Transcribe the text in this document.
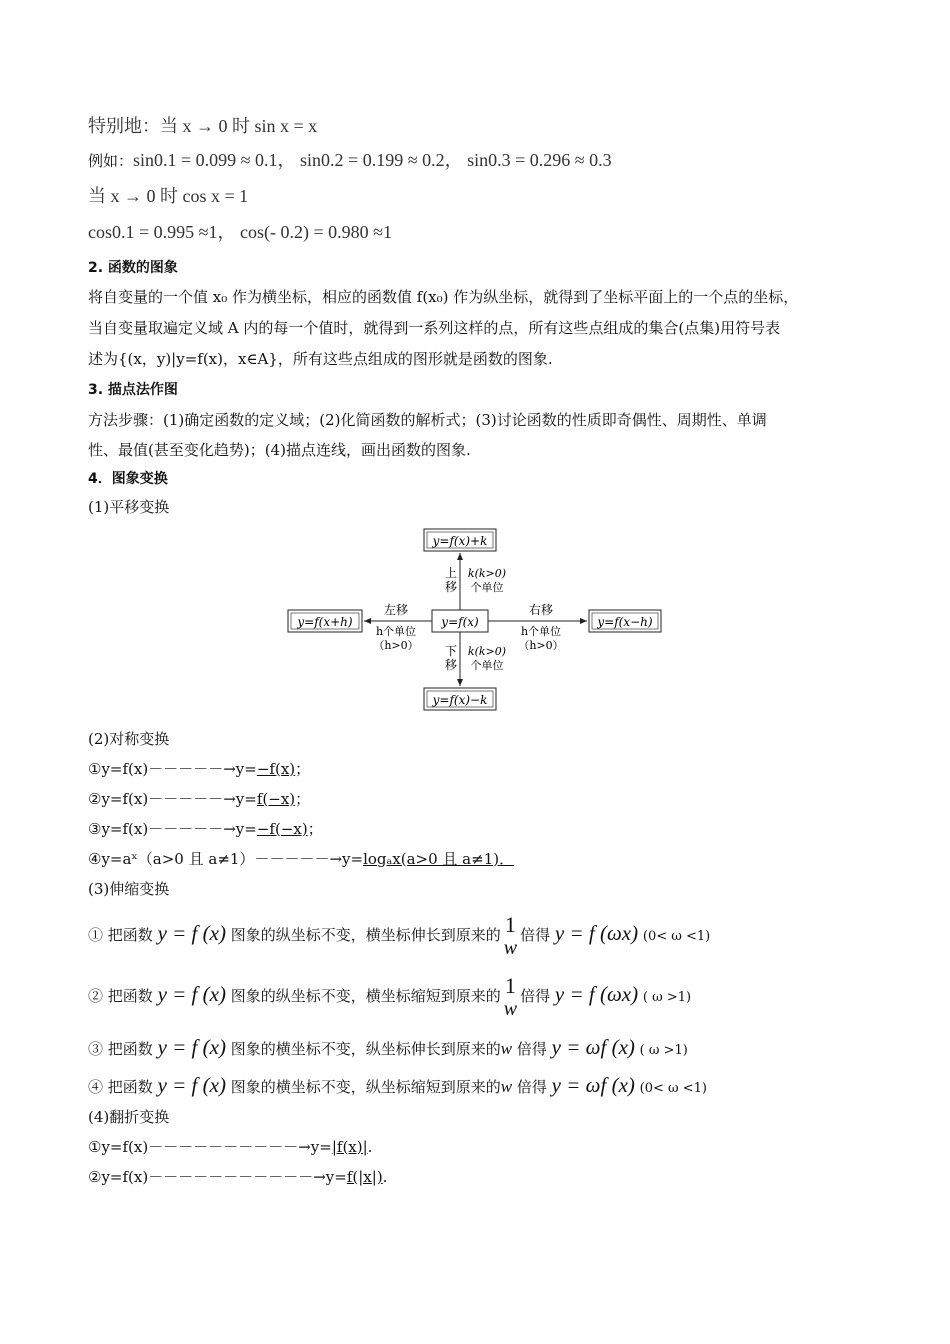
特别地：当 x → 0 时 sin x = x
例如：sin0.1 = 0.099 ≈ 0.1， sin0.2 = 0.199 ≈ 0.2， sin0.3 = 0.296 ≈ 0.3
当 x → 0 时 cos x = 1
cos0.1 = 0.995 ≈1， cos(- 0.2) = 0.980 ≈1
2. 函数的图象
将自变量的一个值 x₀ 作为横坐标，相应的函数值 f(x₀) 作为纵坐标，就得到了坐标平面上的一个点的坐标，
当自变量取遍定义域 A 内的每一个值时，就得到一系列这样的点，所有这些点组成的集合(点集)用符号表
述为{(x，y)|y=f(x)，x∈A}，所有这些点组成的图形就是函数的图象.
3. 描点法作图
方法步骤：(1)确定函数的定义域；(2)化简函数的解析式；(3)讨论函数的性质即奇偶性、周期性、单调
性、最值(甚至变化趋势)；(4)描点连线，画出函数的图象.
4．图象变换
(1)平移变换
y=f(x)+k
y=f(x)
y=f(x)−k
y=f(x+h)	y=f(x−h)
上
移
k(k>0)
个单位
下
移
k(k>0)
个单位
左移
h个单位
（h>0）
右移
h个单位
（h>0）
(2)对称变换
①y=f(x)－－－－－→y=−f(x)；
②y=f(x)－－－－－→y=f(−x)；
③y=f(x)－－－－－→y=−f(−x)；
④y=aˣ（a>0 且 a≠1）－－－－－→y=logₐx(a>0 且 a≠1)．
(3)伸缩变换
① 把函数 y = f (x) 图象的纵坐标不变，横坐标伸长到原来的 1
w
倍得 y = f (ωx) (0< ω <1)
② 把函数 y = f (x) 图象的纵坐标不变，横坐标缩短到原来的 1
w
倍得 y = f (ωx) ( ω >1)
③ 把函数 y = f (x) 图象的横坐标不变，纵坐标伸长到原来的w 倍得 y = ωf (x) ( ω >1)
④ 把函数 y = f (x) 图象的横坐标不变，纵坐标缩短到原来的w 倍得 y = ωf (x) (0< ω <1)
(4)翻折变换
①y=f(x)－－－－－－－－－－→y=|f(x)|.
②y=f(x)－－－－－－－－－－－→y=f(|x|).
